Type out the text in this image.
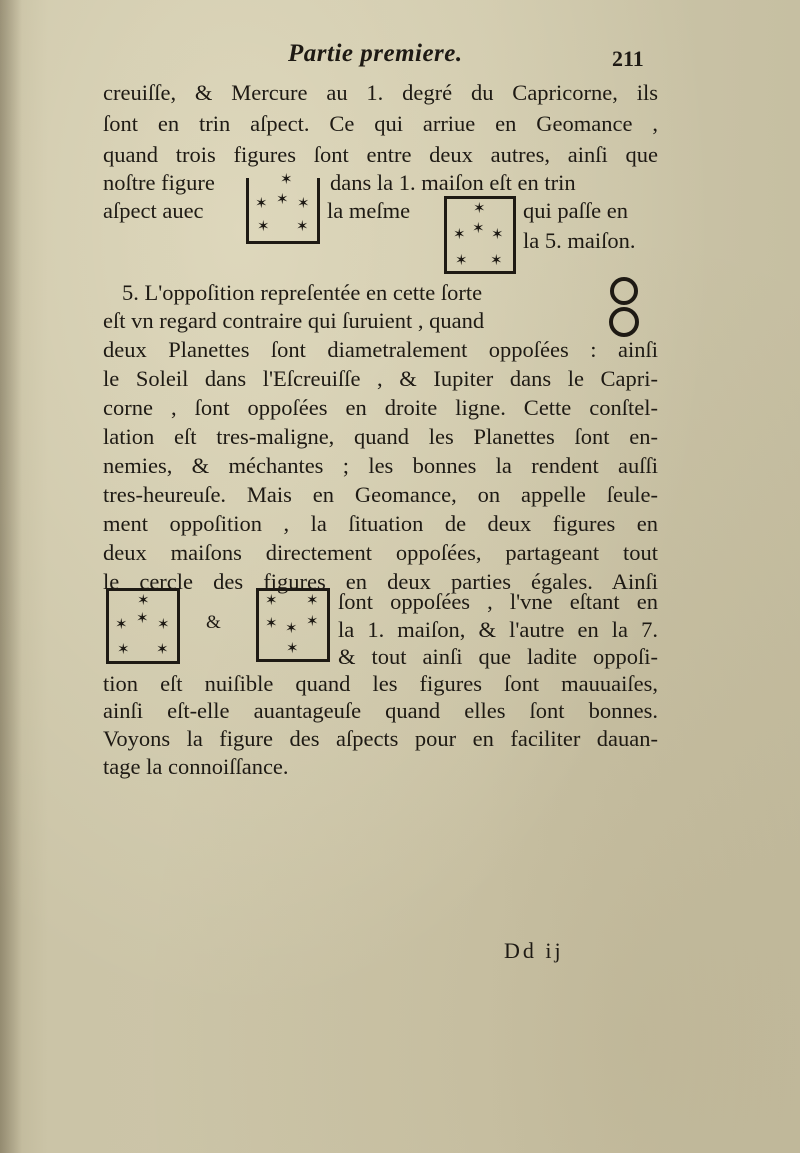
Partie premiere.	211
creuiſſe, & Mercure au 1. degré du Capricorne, ils
ſont en trin aſpect. Ce qui arriue en Geomance ,
quand trois figures ſont entre deux autres, ainſi que
noſtre figure	dans la 1. maiſon eſt en trin
aſpect auec	la meſme	qui paſſe en
la 5. maiſon.
✶
✶ ✶ ✶
✶ ✶
✶
✶ ✶ ✶
✶ ✶
5. L'oppoſition repreſentée en cette ſorte
eſt vn regard contraire qui ſuruient , quand
deux Planettes ſont diametralement oppoſées : ainſi
le Soleil dans l'Eſcreuiſſe , & Iupiter dans le Capri-
corne , ſont oppoſées en droite ligne. Cette conſtel-
lation eſt tres-maligne, quand les Planettes ſont en-
nemies, & méchantes ; les bonnes la rendent auſſi
tres-heureuſe. Mais en Geomance, on appelle ſeule-
ment oppoſition , la ſituation de deux figures en
deux maiſons directement oppoſées, partageant tout
le cercle des figures en deux parties égales. Ainſi
✶
✶ ✶ ✶
✶ ✶
&
✶ ✶
✶ ✶ ✶
✶
ſont oppoſées , l'vne eſtant en
la 1. maiſon, & l'autre en la 7.
& tout ainſi que ladite oppoſi-
tion eſt nuiſible quand les figures ſont mauuaiſes,
ainſi eſt-elle auantageuſe quand elles ſont bonnes.
Voyons la figure des aſpects pour en faciliter dauan-
tage la connoiſſance.
Dd ij
